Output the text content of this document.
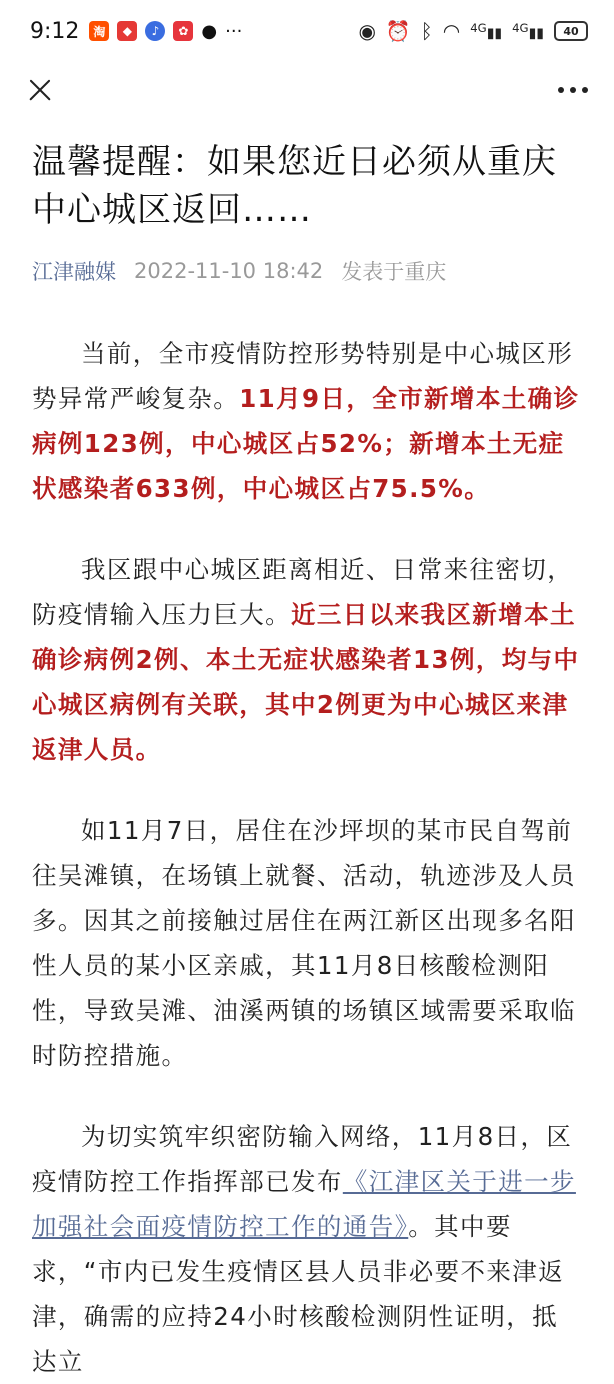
9:12	淘	◆	♪	✿ ● ···	◉ ⏰ ᛒ ◠ $^{4G}$▮▮ $^{4G}$▮▮	40
温馨提醒：如果您近日必须从重庆中心城区返回……
江津融媒 2022-11-10 18:42 发表于重庆

当前，全市疫情防控形势特别是中心城区形势异常严峻复杂。11月9日，全市新增本土确诊病例123例，中心城区占52%；新增本土无症状感染者633例，中心城区占75.5%。

我区跟中心城区距离相近、日常来往密切，防疫情输入压力巨大。近三日以来我区新增本土确诊病例2例、本土无症状感染者13例，均与中心城区病例有关联，其中2例更为中心城区来津返津人员。

如11月7日，居住在沙坪坝的某市民自驾前往吴滩镇，在场镇上就餐、活动，轨迹涉及人员多。因其之前接触过居住在两江新区出现多名阳性人员的某小区亲戚，其11月8日核酸检测阳性，导致吴滩、油溪两镇的场镇区域需要采取临时防控措施。

为切实筑牢织密防输入网络，11月8日，区疫情防控工作指挥部已发布《江津区关于进一步加强社会面疫情防控工作的通告》。其中要求，“市内已发生疫情区县人员非必要不来津返津，确需的应持24小时核酸检测阴性证明，抵达立
